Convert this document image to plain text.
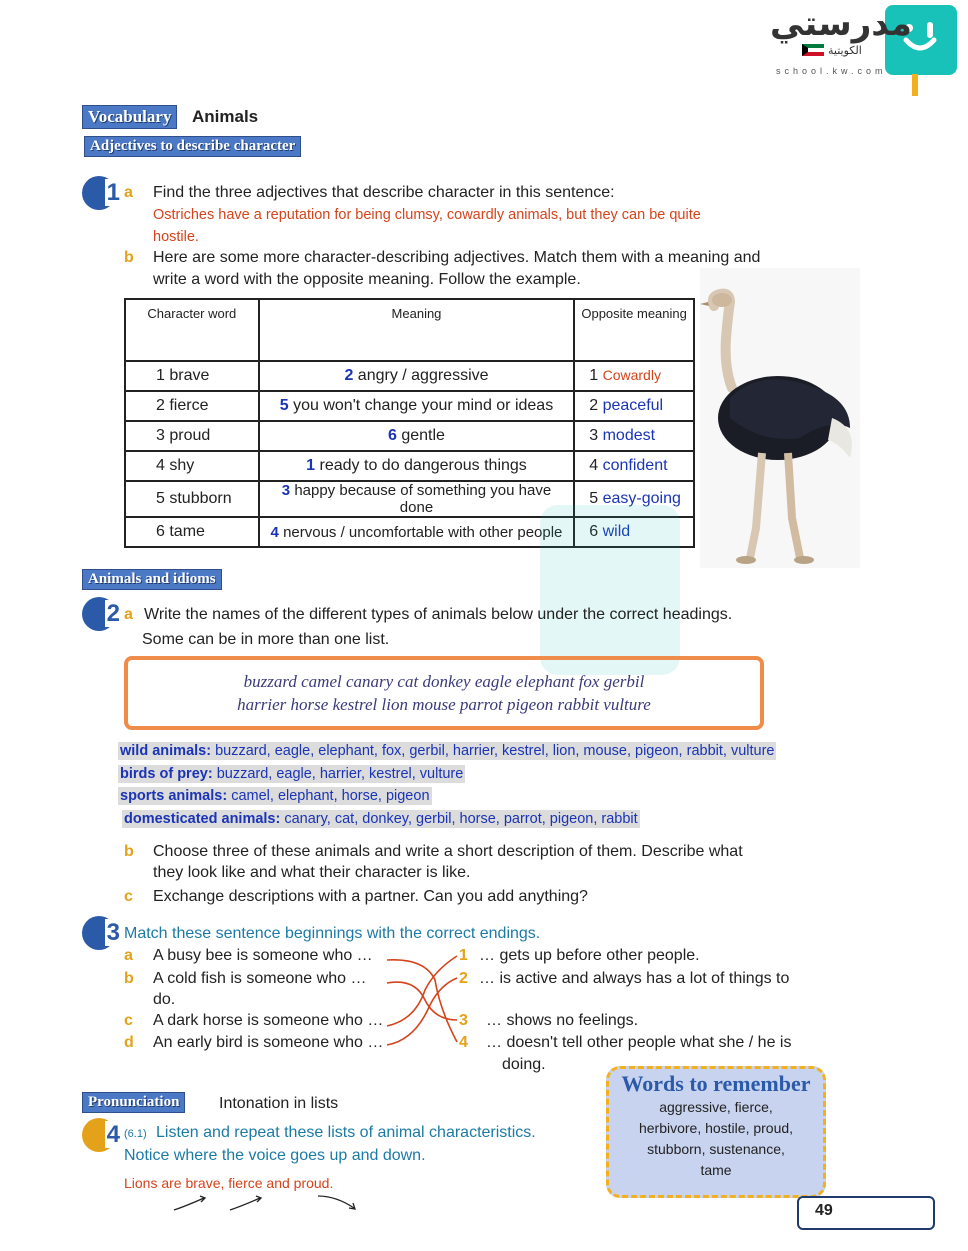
مدرستي
الكويتية
school.kw.com
Vocabulary	Animals
Adjectives to describe character
1 a Find the three adjectives that describe character in this sentence:
Ostriches have a reputation for being clumsy, cowardly animals, but they can be quite
hostile.
b Here are some more character-describing adjectives. Match them with a meaning and
write a word with the opposite meaning. Follow the example.
Character word	Meaning	Opposite meaning
1 brave	2 angry / aggressive	1 Cowardly
2 fierce	5 you won't change your mind or ideas	2 peaceful
3 proud	6 gentle	3 modest
4 shy	1 ready to do dangerous things	4 confident
5 stubborn	3 happy because of something you have done	5 easy-going
6 tame	4 nervous / uncomfortable with other people	6 wild
Animals and idioms
2 a Write the names of the different types of animals below under the correct headings.
Some can be in more than one list.
buzzard camel canary cat donkey eagle elephant fox gerbil
harrier horse kestrel lion mouse parrot pigeon rabbit vulture
wild animals: buzzard, eagle, elephant, fox, gerbil, harrier, kestrel, lion, mouse, pigeon, rabbit, vulture
birds of prey: buzzard, eagle, harrier, kestrel, vulture
sports animals: camel, elephant, horse, pigeon
domesticated animals: canary, cat, donkey, gerbil, horse, parrot, pigeon, rabbit
b Choose three of these animals and write a short description of them. Describe what
they look like and what their character is like.
c Exchange descriptions with a partner. Can you add anything?
3 Match these sentence beginnings with the correct endings.
a A busy bee is someone who …
b A cold fish is someone who …
do.
c A dark horse is someone who …
d An early bird is someone who …
1 … gets up before other people.
2 … is active and always has a lot of things to
3 … shows no feelings.
4 … doesn't tell other people what she / he is
doing.
Pronunciation	Intonation in lists
4 (6.1) Listen and repeat these lists of animal characteristics.
Notice where the voice goes up and down.
Lions are brave, fierce and proud.
Words to remember
aggressive, fierce,
herbivore, hostile, proud,
stubborn, sustenance,
tame
49
